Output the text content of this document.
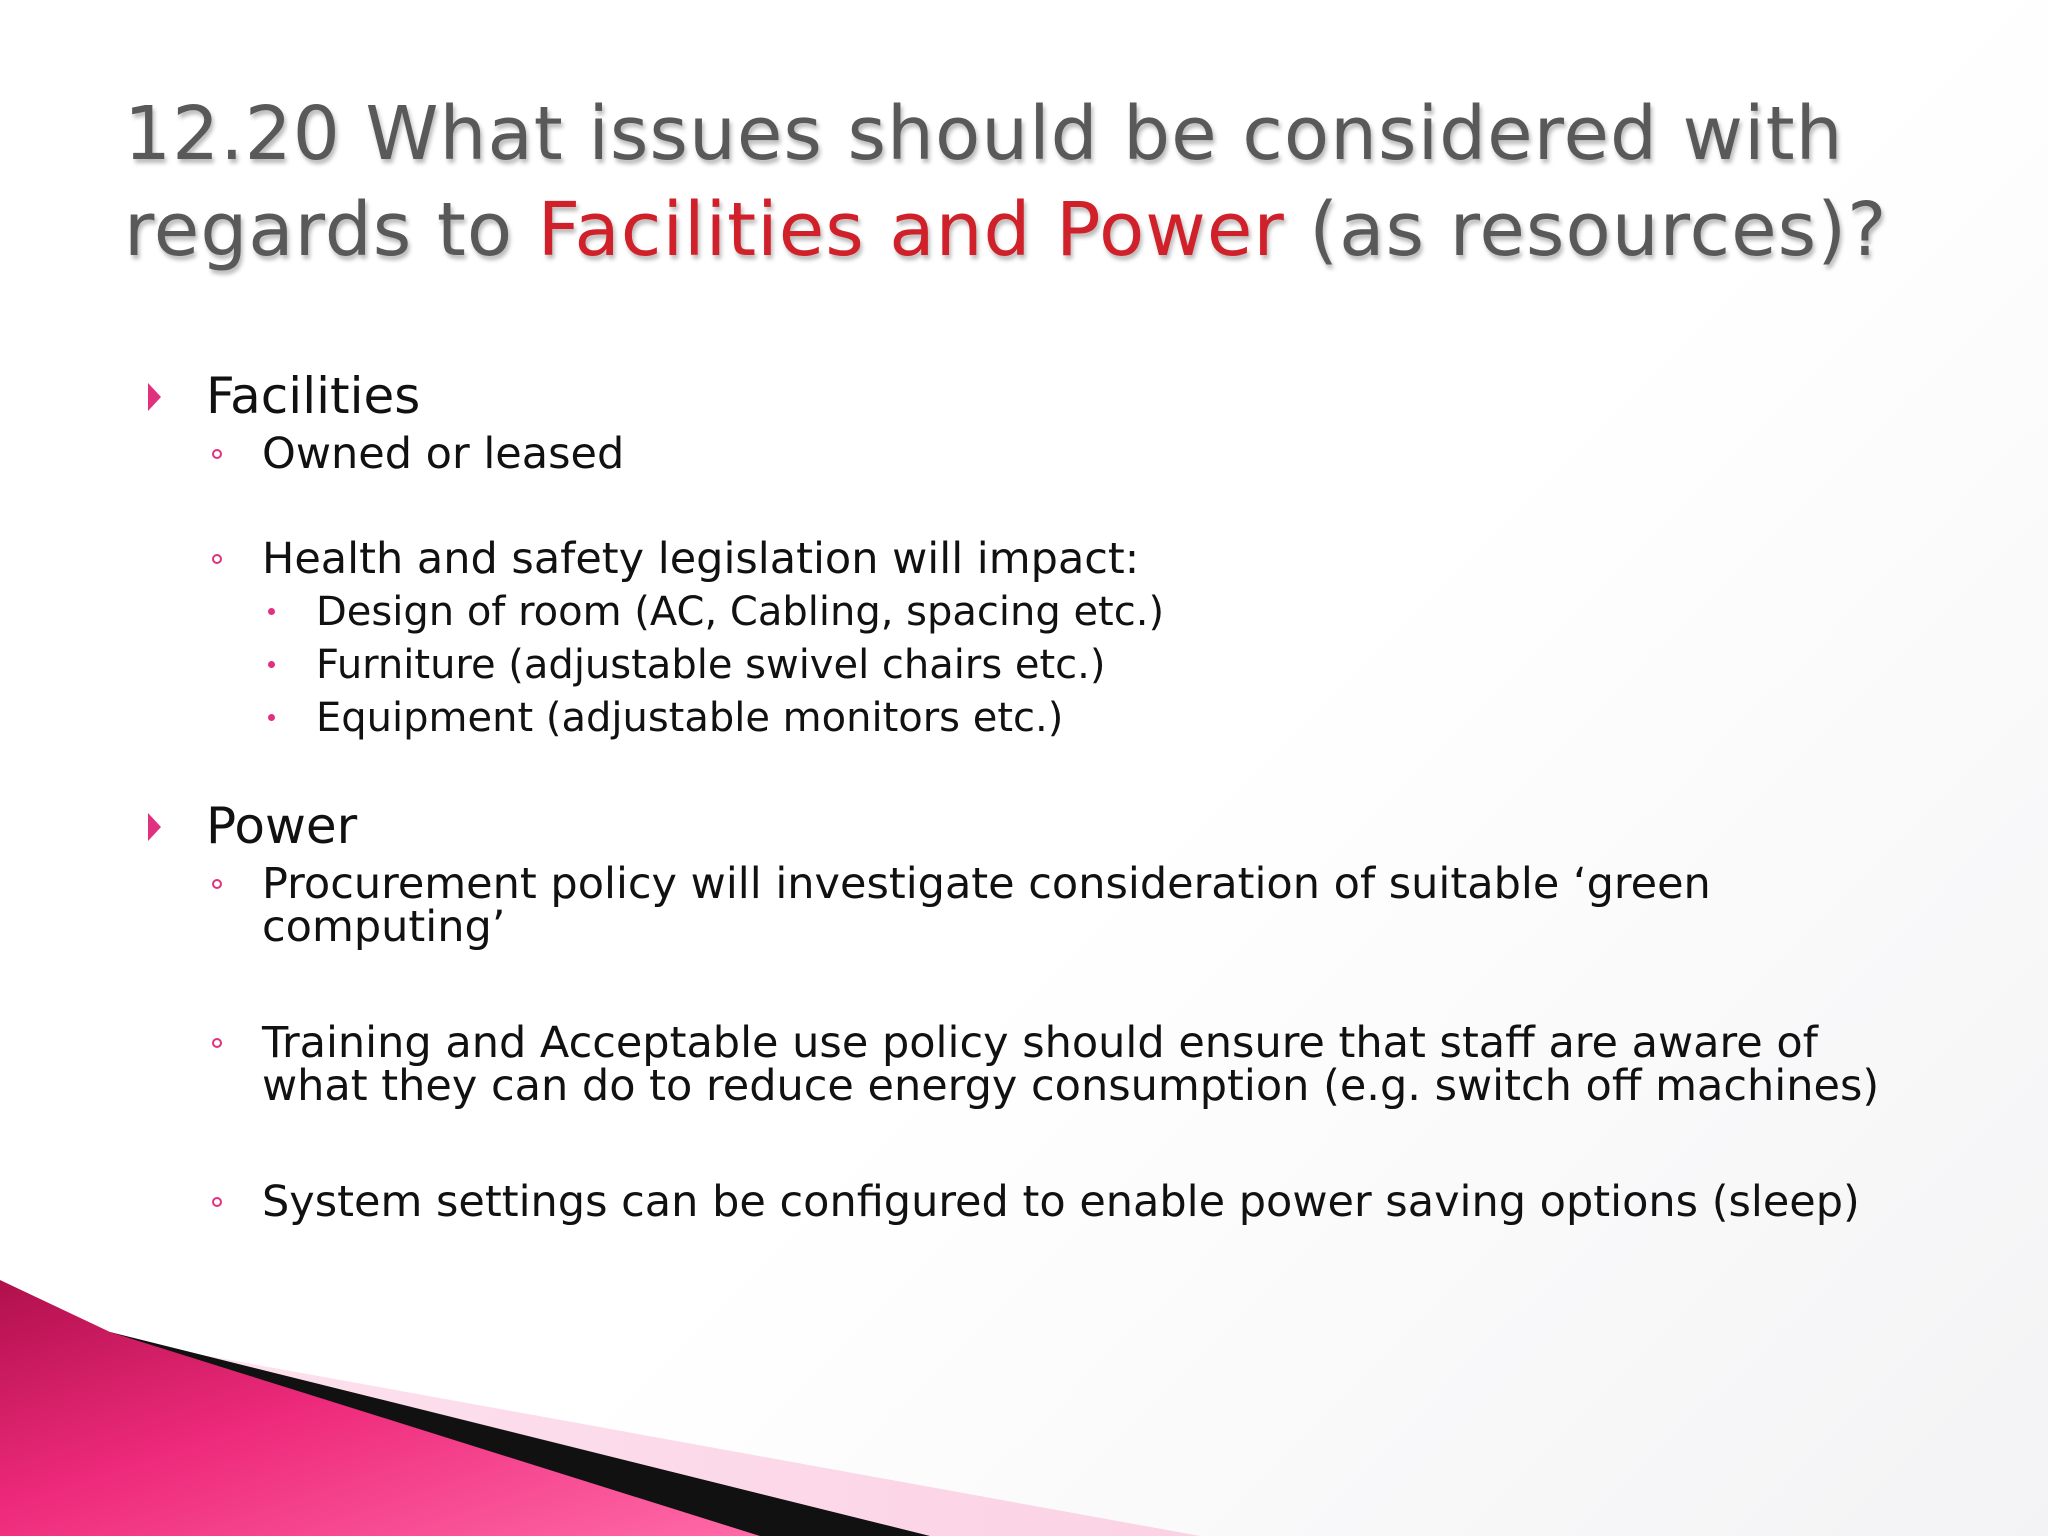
12.20 What issues should be considered with
regards to Facilities and Power (as resources)?
Facilities
Owned or leased
Health and safety legislation will impact:
Design of room (AC, Cabling, spacing etc.)
Furniture (adjustable swivel chairs etc.)
Equipment (adjustable monitors etc.)
Power
Procurement policy will investigate consideration of suitable ‘green
computing’
Training and Acceptable use policy should ensure that staff are aware of
what they can do to reduce energy consumption (e.g. switch off machines)
System settings can be configured to enable power saving options (sleep)
